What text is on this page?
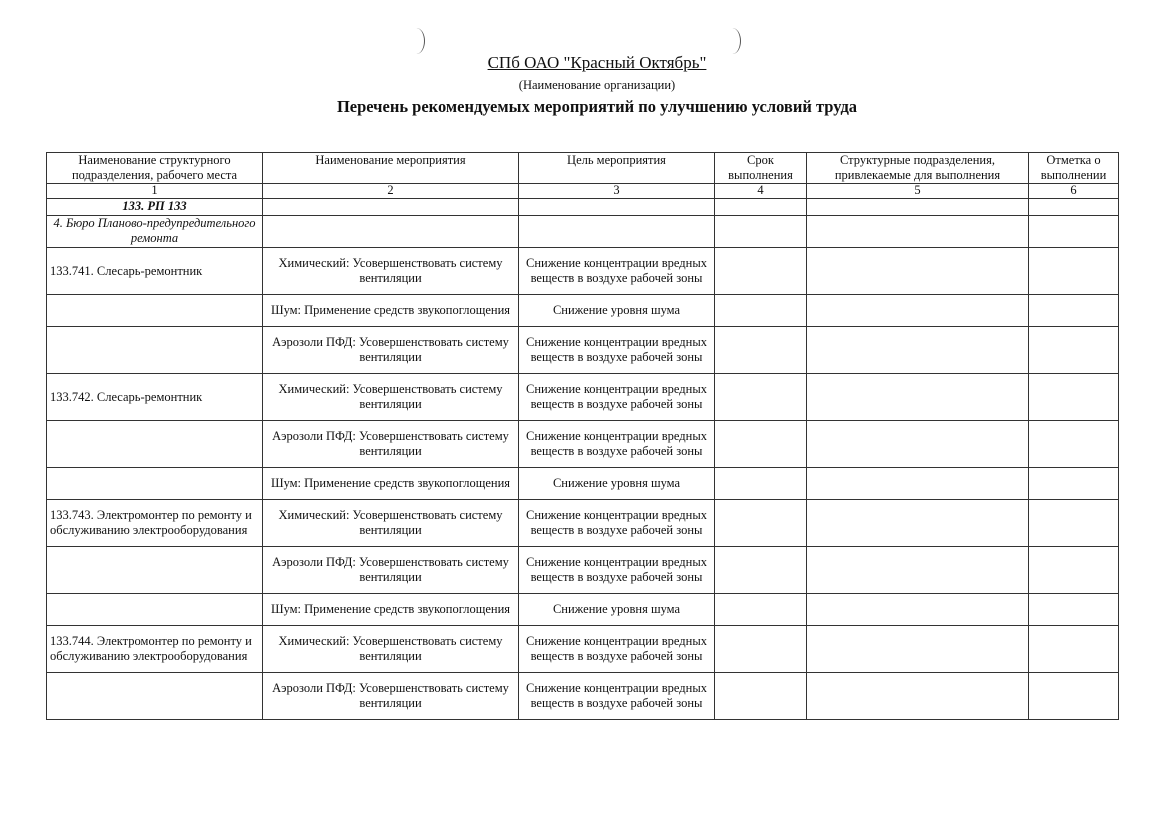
СПб ОАО "Красный Октябрь"
(Наименование организации)
Перечень рекомендуемых мероприятий по улучшению условий труда
Наименование структурного подразделения, рабочего места	Наименование мероприятия	Цель мероприятия	Срок выполнения	Структурные подразделения, привлекаемые для выполнения	Отметка о выполнении
1	2	3	4	5	6
133. РП 133					
4. Бюро Планово-предупредительного ремонта					
133.741. Слесарь-ремонтник	Химический: Усовершенствовать систему вентиляции	Снижение концентрации вредных веществ в воздухе рабочей зоны			
	Шум: Применение средств звукопоглощения	Снижение уровня шума			
	Аэрозоли ПФД: Усовершенствовать систему вентиляции	Снижение концентрации вредных веществ в воздухе рабочей зоны			
133.742. Слесарь-ремонтник	Химический: Усовершенствовать систему вентиляции	Снижение концентрации вредных веществ в воздухе рабочей зоны			
	Аэрозоли ПФД: Усовершенствовать систему вентиляции	Снижение концентрации вредных веществ в воздухе рабочей зоны			
	Шум: Применение средств звукопоглощения	Снижение уровня шума			
133.743. Электромонтер по ремонту и обслуживанию электрооборудования	Химический: Усовершенствовать систему вентиляции	Снижение концентрации вредных веществ в воздухе рабочей зоны			
	Аэрозоли ПФД: Усовершенствовать систему вентиляции	Снижение концентрации вредных веществ в воздухе рабочей зоны			
	Шум: Применение средств звукопоглощения	Снижение уровня шума			
133.744. Электромонтер по ремонту и обслуживанию электрооборудования	Химический: Усовершенствовать систему вентиляции	Снижение концентрации вредных веществ в воздухе рабочей зоны			
	Аэрозоли ПФД: Усовершенствовать систему вентиляции	Снижение концентрации вредных веществ в воздухе рабочей зоны			
